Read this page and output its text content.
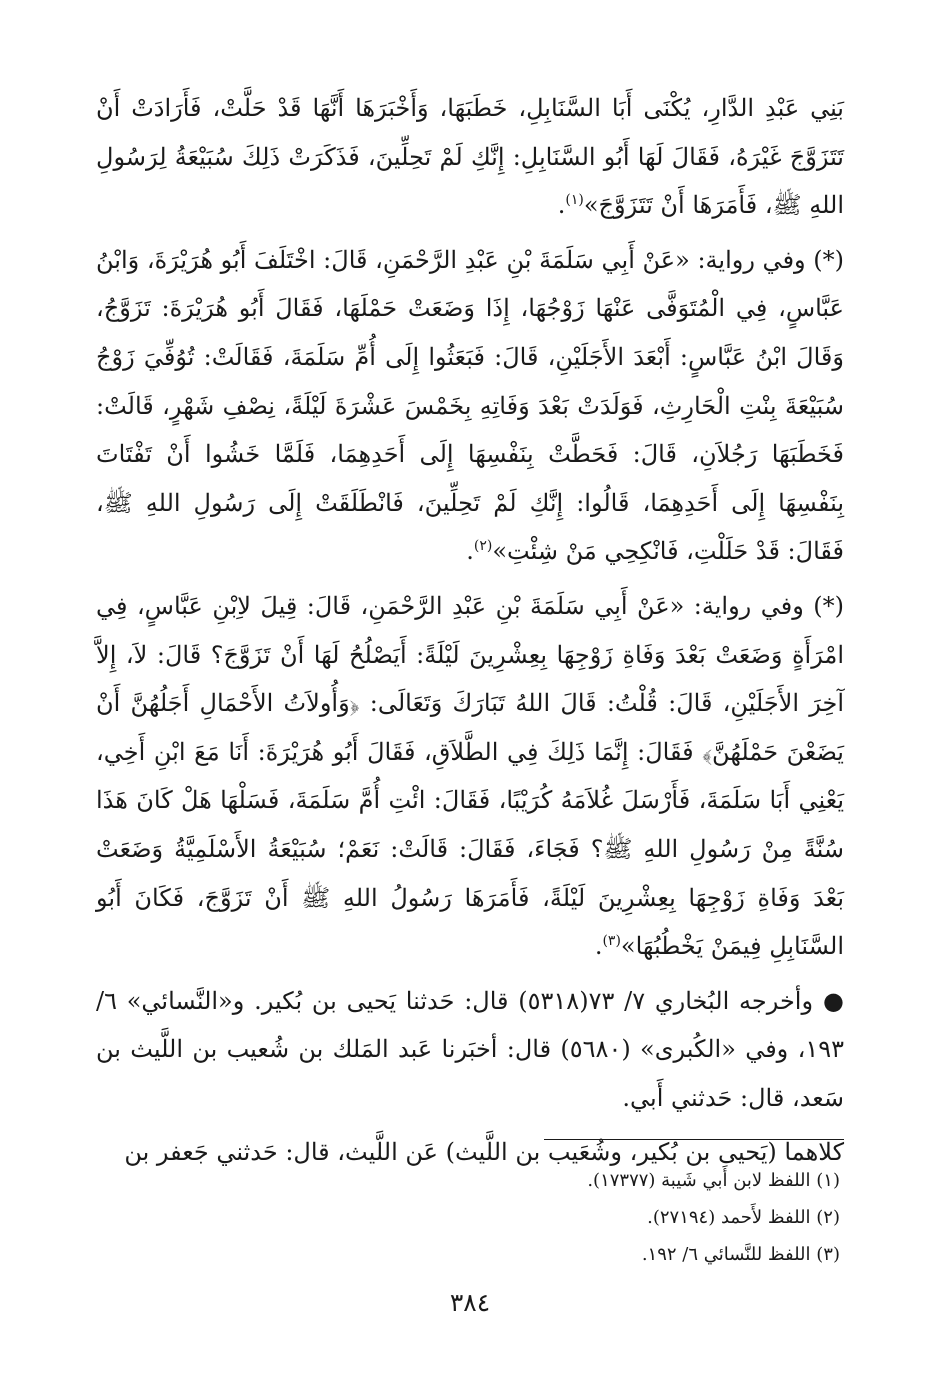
بَنِي عَبْدِ الدَّارِ، يُكْنَى أَبَا السَّنَابِلِ، خَطَبَهَا، وَأَخْبَرَهَا أَنَّهَا قَدْ حَلَّتْ، فَأَرَادَتْ أَنْ تَتَزَوَّجَ غَيْرَهُ، فَقَالَ لَهَا أَبُو السَّنَابِلِ: إِنَّكِ لَمْ تَحِلِّينَ، فَذَكَرَتْ ذَلِكَ سُبَيْعَةُ لِرَسُولِ اللهِ ﷺ، فَأَمَرَهَا أَنْ تَتَزَوَّجَ»$^{(١)}$.

(*) وفي رواية: «عَنْ أَبِي سَلَمَةَ بْنِ عَبْدِ الرَّحْمَنِ، قَالَ: اخْتَلَفَ أَبُو هُرَيْرَةَ، وَابْنُ عَبَّاسٍ، فِي الْمُتَوَفَّى عَنْهَا زَوْجُهَا، إِذَا وَضَعَتْ حَمْلَهَا، فَقَالَ أَبُو هُرَيْرَةَ: تَزَوَّجُ، وَقَالَ ابْنُ عَبَّاسٍ: أَبْعَدَ الأَجَلَيْنِ، قَالَ: فَبَعَثُوا إِلَى أُمِّ سَلَمَةَ، فَقَالَتْ: تُوُفِّيَ زَوْجُ سُبَيْعَةَ بِنْتِ الْحَارِثِ، فَوَلَدَتْ بَعْدَ وَفَاتِهِ بِخَمْسَ عَشْرَةَ لَيْلَةً، نِصْفِ شَهْرٍ، قَالَتْ: فَخَطَبَهَا رَجُلاَنِ، قَالَ: فَحَطَّتْ بِنَفْسِهَا إِلَى أَحَدِهِمَا، فَلَمَّا خَشُوا أَنْ تَفْتَاتَ بِنَفْسِهَا إِلَى أَحَدِهِمَا، قَالُوا: إِنَّكِ لَمْ تَحِلِّينَ، فَانْطَلَقَتْ إِلَى رَسُولِ اللهِ ﷺ، فَقَالَ: قَدْ حَلَلْتِ، فَانْكِحِي مَنْ شِئْتِ»$^{(٢)}$.

(*) وفي رواية: «عَنْ أَبِي سَلَمَةَ بْنِ عَبْدِ الرَّحْمَنِ، قَالَ: قِيلَ لاِبْنِ عَبَّاسٍ، فِي امْرَأَةٍ وَضَعَتْ بَعْدَ وَفَاةِ زَوْجِهَا بِعِشْرِينَ لَيْلَةً: أَيَصْلُحُ لَهَا أَنْ تَزَوَّجَ؟ قَالَ: لاَ، إِلاَّ آخِرَ الأَجَلَيْنِ، قَالَ: قُلْتُ: قَالَ اللهُ تَبَارَكَ وَتَعَالَى: ﴿وَأُولاَتُ الأَحْمَالِ أَجَلُهُنَّ أَنْ يَضَعْنَ حَمْلَهُنَّ﴾ فَقَالَ: إِنَّمَا ذَلِكَ فِي الطَّلاَقِ، فَقَالَ أَبُو هُرَيْرَةَ: أَنَا مَعَ ابْنِ أَخِي، يَعْنِي أَبَا سَلَمَةَ، فَأَرْسَلَ غُلاَمَهُ كُرَيْبًا، فَقَالَ: ائْتِ أُمَّ سَلَمَةَ، فَسَلْهَا هَلْ كَانَ هَذَا سُنَّةً مِنْ رَسُولِ اللهِ ﷺ؟ فَجَاءَ، فَقَالَ: قَالَتْ: نَعَمْ؛ سُبَيْعَةُ الأَسْلَمِيَّةُ وَضَعَتْ بَعْدَ وَفَاةِ زَوْجِهَا بِعِشْرِينَ لَيْلَةً، فَأَمَرَهَا رَسُولُ اللهِ ﷺ أَنْ تَزَوَّجَ، فَكَانَ أَبُو السَّنَابِلِ فِيمَنْ يَخْطُبُهَا»$^{(٣)}$.

●وأخرجه البُخاري ٧/ ٧٣(٥٣١٨) قال: حَدثنا يَحيى بن بُكير. و«النَّسائي» ٦/ ١٩٣، وفي «الكُبرى» (٥٦٨٠) قال: أخبَرنا عَبد المَلك بن شُعيب بن اللَّيث بن سَعد، قال: حَدثني أَبي.

كلاهما (يَحيى بن بُكير، وشُعَيب بن اللَّيث) عَن اللَّيث، قال: حَدثني جَعفر بن

(١) اللفظ لابن أَبي شَيبة (١٧٣٧٧).

(٢) اللفظ لأَحمد (٢٧١٩٤).

(٣) اللفظ للنَّسائي ٦/ ١٩٢.

٣٨٤
